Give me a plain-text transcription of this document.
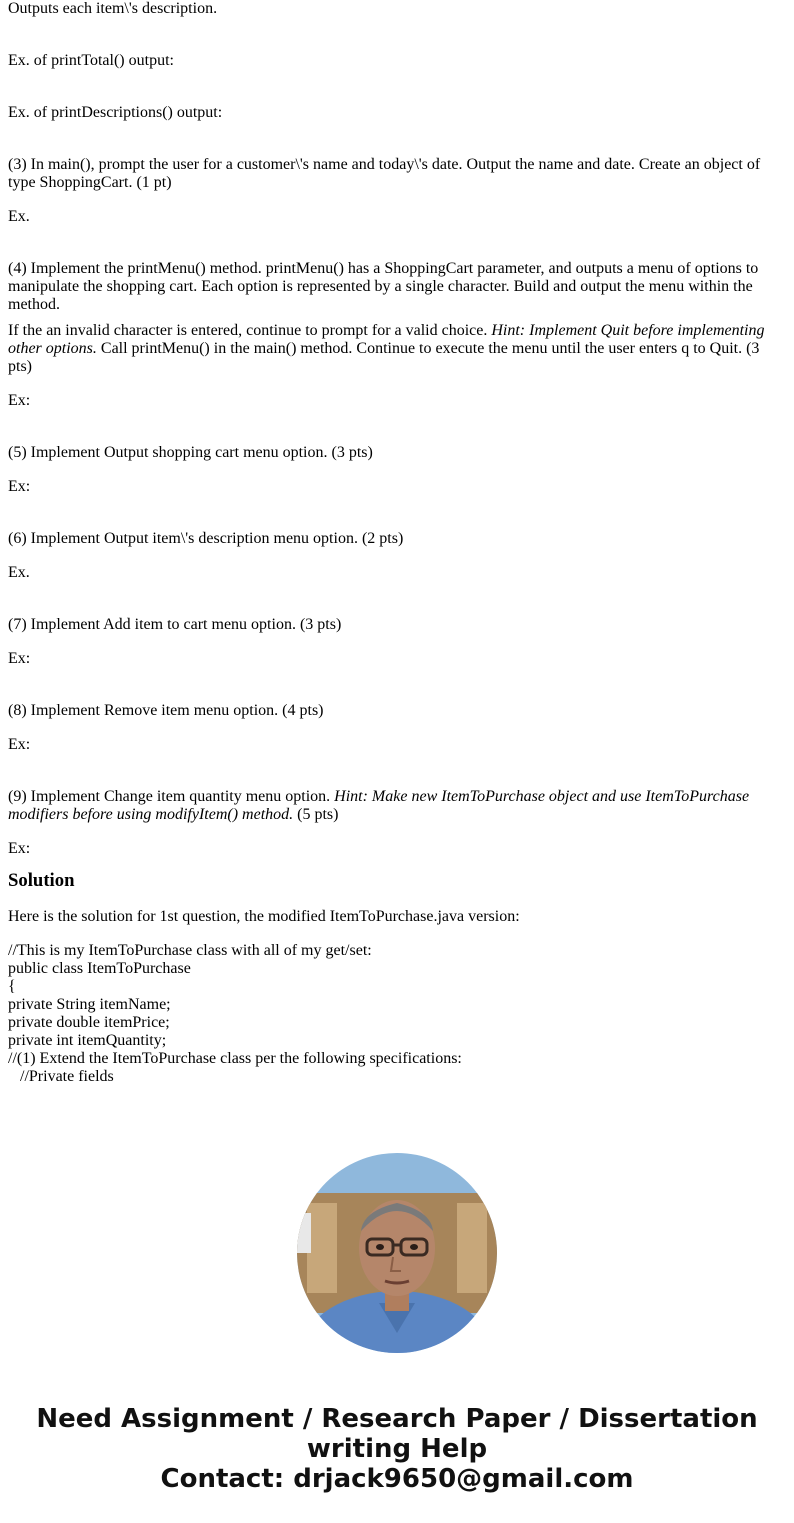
Outputs each item\'s description.

Ex. of printTotal() output:

Ex. of printDescriptions() output:

(3) In main(), prompt the user for a customer\'s name and today\'s date. Output the name and date. Create an object of type ShoppingCart. (1 pt)

Ex.

(4) Implement the printMenu() method. printMenu() has a ShoppingCart parameter, and outputs a menu of options to manipulate the shopping cart. Each option is represented by a single character. Build and output the menu within the method.

If the an invalid character is entered, continue to prompt for a valid choice. Hint: Implement Quit before implementing other options. Call printMenu() in the main() method. Continue to execute the menu until the user enters q to Quit. (3 pts)

Ex:

(5) Implement Output shopping cart menu option. (3 pts)

Ex:

(6) Implement Output item\'s description menu option. (2 pts)

Ex.

(7) Implement Add item to cart menu option. (3 pts)

Ex:

(8) Implement Remove item menu option. (4 pts)

Ex:

(9) Implement Change item quantity menu option. Hint: Make new ItemToPurchase object and use ItemToPurchase modifiers before using modifyItem() method. (5 pts)

Ex:

Solution

Here is the solution for 1st question, the modified ItemToPurchase.java version:

//This is my ItemToPurchase class with all of my get/set:
public class ItemToPurchase
{
private String itemName;
private double itemPrice;
private int itemQuantity;
//(1) Extend the ItemToPurchase class per the following specifications:
//Private fields
Need Assignment / Research Paper / Dissertation
writing Help
Contact: drjack9650@gmail.com
